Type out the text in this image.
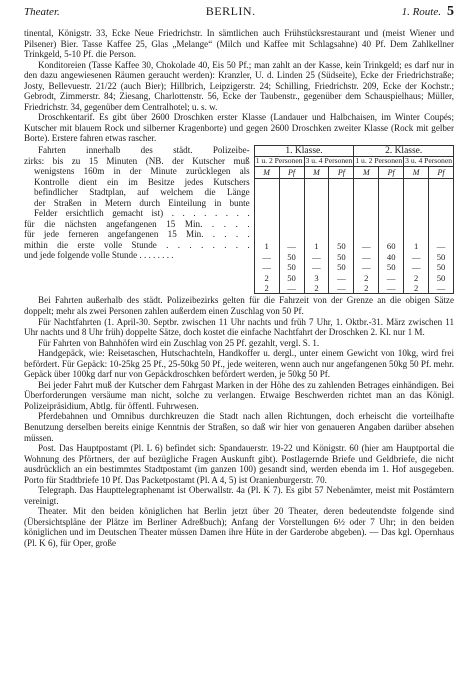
Theater.	BERLIN.	1. Route. 5

tinental, Königstr. 33, Ecke Neue Friedrichstr. In sämtlichen auch Frühstücksrestaurant und (meist Wiener und Pilsener) Bier. Tasse Kaffee 25, Glas „Melange“ (Milch und Kaffee mit Schlagsahne) 40 Pf. Dem Zahlkellner Trinkgeld, 5-10 Pf. die Person.

Konditoreien (Tasse Kaffee 30, Chokolade 40, Eis 50 Pf.; man zahlt an der Kasse, kein Trinkgeld; es darf nur in den dazu angewiesenen Räumen geraucht werden): Kranzler, U. d. Linden 25 (Südseite), Ecke der Friedrichstraße; Josty, Bellevuestr. 21/22 (auch Bier); Hillbrich, Leipzigerstr. 24; Schilling, Friedrichstr. 209, Ecke der Kochstr.; Gebrodt, Zimmerstr. 84; Ziesang, Charlottenstr. 56, Ecke der Taubenstr., gegenüber dem Schauspielhaus; Müller, Friedrichstr. 34, gegenüber dem Centralhotel; u. s. w.

Droschkentarif. Es gibt über 2600 Droschken erster Klasse (Landauer und Halbchaisen, im Winter Coupés; Kutscher mit blauem Rock und silberner Kragenborte) und gegen 2600 Droschken zweiter Klasse (Rock mit gelber Borte). Erstere fahren etwas rascher.

Fahrten innerhalb des städt. Polizeibe-
zirks: bis zu 15 Minuten (NB. der Kutscher muß
wenigstens 160m in der Minute zurücklegen als
Kontrolle dient ein im Besitze jedes Kutschers
befindlicher Stadtplan, auf welchem die Länge
der Straßen in Metern durch Einteilung in bunte
Felder ersichtlich gemacht ist) . . . . . . . .
für die nächsten angefangenen 15 Min. . . . .
für jede ferneren angefangenen 15 Min. . . . .
mithin die erste volle Stunde . . . . . . . .
und jede folgende volle Stunde . . . . . . . .
1. Klasse.				2. Klasse.			
1 u. 2 Personen		3 u. 4 Personen		1 u. 2 Personen		3 u. 4 Personen	
M	Pf	M	Pf	M	Pf	M	Pf

1	—	1	50	—	60	1	—
—	50	—	50	—	40	—	50
—	50	—	50	—	50	—	50
2	50	3	—	2	—	2	50
2	—	2	—	2	—	2	—

Bei Fahrten außerhalb des städt. Polizeibezirks gelten für die Fahrzeit von der Grenze an die obigen Sätze doppelt; mehr als zwei Personen zahlen außerdem einen Zuschlag von 50 Pf.

Für Nachtfahrten (1. April-30. Septbr. zwischen 11 Uhr nachts und früh 7 Uhr, 1. Oktbr.-31. März zwischen 11 Uhr nachts und 8 Uhr früh) doppelte Sätze, doch kostet die einfache Nachtfahrt der Droschken 2. Kl. nur 1 M.

Für Fahrten von Bahnhöfen wird ein Zuschlag von 25 Pf. gezahlt, vergl. S. 1.

Handgepäck, wie: Reisetaschen, Hutschachteln, Handkoffer u. dergl., unter einem Gewicht von 10kg, wird frei befördert. Für Gepäck: 10-25kg 25 Pf., 25-50kg 50 Pf., jede weiteren, wenn auch nur angefangenen 50kg 50 Pf. mehr. Gepäck über 100kg darf nur von Gepäckdroschken befördert werden, je 50kg 50 Pf.

Bei jeder Fahrt muß der Kutscher dem Fahrgast Marken in der Höhe des zu zahlenden Betrages einhändigen. Bei Überforderungen versäume man nicht, solche zu verlangen. Etwaige Beschwerden richtet man an das Königl. Polizeipräsidium, Abtlg. für öffentl. Fuhrwesen.

Pferdebahnen und Omnibus durchkreuzen die Stadt nach allen Richtungen, doch erheischt die vorteilhafte Benutzung derselben bereits einige Kenntnis der Straßen, so daß wir hier von genaueren Angaben darüber absehen müssen.

Post. Das Hauptpostamt (Pl. L 6) befindet sich: Spandauerstr. 19-22 und Königstr. 60 (hier am Hauptportal die Wohnung des Pförtners, der auf bezügliche Fragen Auskunft gibt). Postlagernde Briefe und Geldbriefe, die nicht ausdrücklich an ein bestimmtes Stadtpostamt (im ganzen 100) gesandt sind, werden ebenda im 1. Hof ausgegeben. Porto für Stadtbriefe 10 Pf. Das Packetpostamt (Pl. A 4, 5) ist Oranienburgerstr. 70.

Telegraph. Das Haupttelegraphenamt ist Oberwallstr. 4a (Pl. K 7). Es gibt 57 Nebenämter, meist mit Postämtern vereinigt.

Theater. Mit den beiden königlichen hat Berlin jetzt über 20 Theater, deren bedeutendste folgende sind (Übersichtspläne der Plätze im Berliner Adreßbuch); Anfang der Vorstellungen 6½ oder 7 Uhr; in den beiden königlichen und im Deutschen Theater müssen Damen ihre Hüte in der Garderobe abgeben). — Das kgl. Opernhaus (Pl. K 6), für Oper, große
